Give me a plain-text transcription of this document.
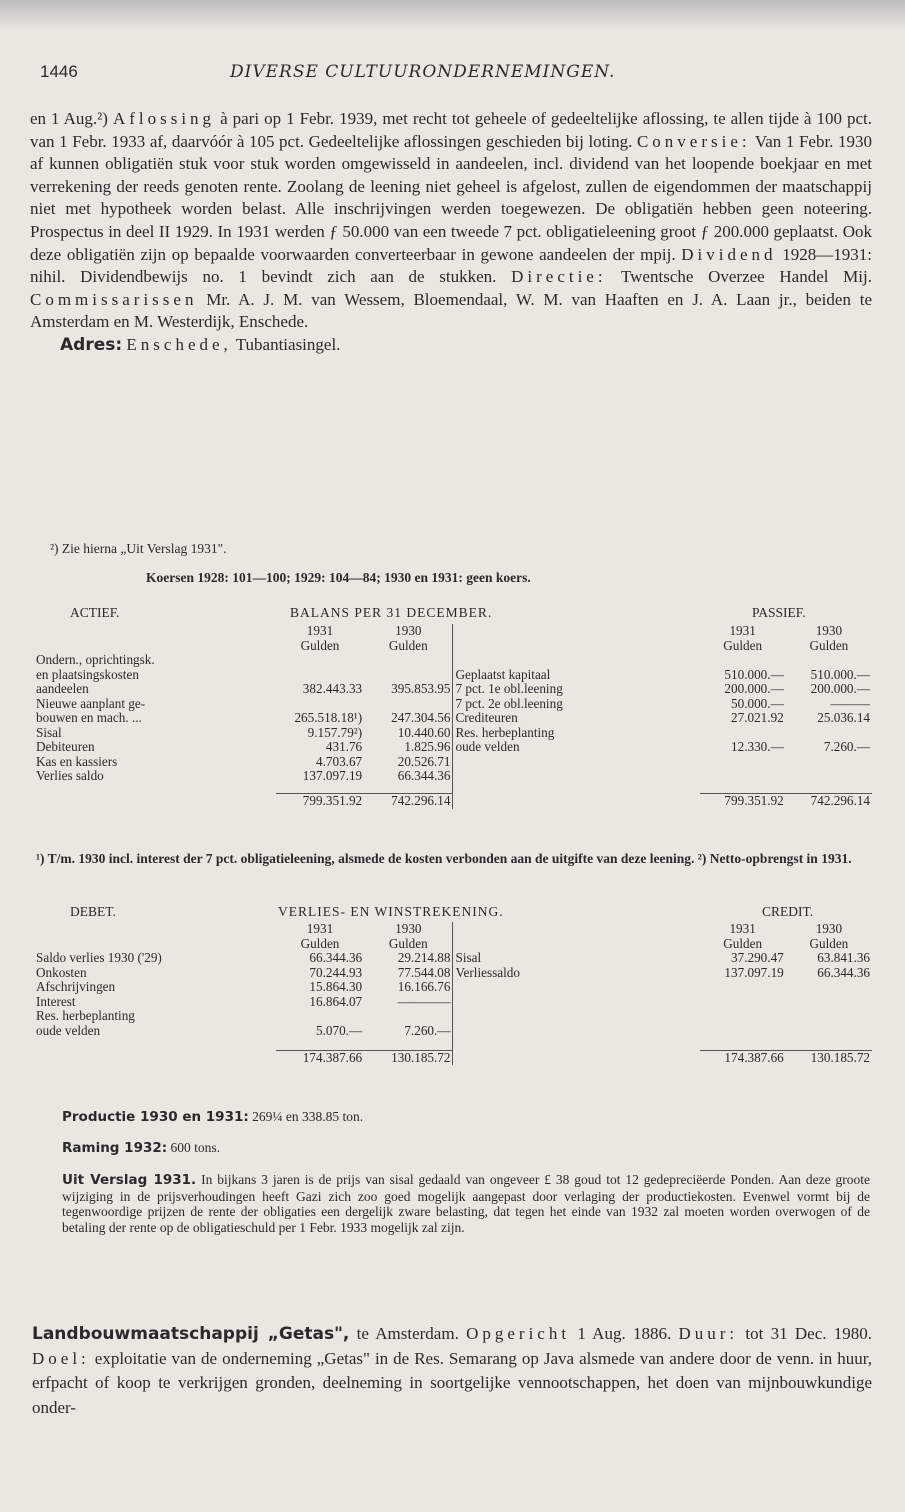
1446	DIVERSE CULTUURONDERNEMINGEN.

en 1 Aug.²) Aflossing à pari op 1 Febr. 1939, met recht tot geheele of gedeeltelijke aflossing, te allen tijde à 100 pct. van 1 Febr. 1933 af, daarvóór à 105 pct. Gedeeltelijke aflossingen geschieden bij loting. Conversie: Van 1 Febr. 1930 af kunnen obligatiën stuk voor stuk worden omgewisseld in aandeelen, incl. dividend van het loopende boekjaar en met verrekening der reeds genoten rente. Zoolang de leening niet geheel is afgelost, zullen de eigendommen der maatschappij niet met hypotheek worden belast. Alle inschrijvingen werden toegewezen. De obligatiën hebben geen noteering. Prospectus in deel II 1929. In 1931 werden ƒ 50.000 van een tweede 7 pct. obligatieleening groot ƒ 200.000 geplaatst. Ook deze obligatiën zijn op bepaalde voorwaarden converteerbaar in gewone aandeelen der mpij. Dividend 1928—1931: nihil. Dividendbewijs no. 1 bevindt zich aan de stukken. Directie: Twentsche Overzee Handel Mij. Commissarissen Mr. A. J. M. van Wessem, Bloemendaal, W. M. van Haaften en J. A. Laan jr., beiden te Amsterdam en M. Westerdijk, Enschede.
Adres: Enschede, Tubantiasingel.

²) Zie hierna „Uit Verslag 1931".
Koersen 1928: 101—100; 1929: 104—84; 1930 en 1931: geen koers.
ACTIEF.	BALANS PER 31 DECEMBER.	PASSIEF.
	1931	1930		1931	1930
	Gulden	Gulden		Gulden	Gulden
Ondern., oprichtingsk.					
en plaatsingskosten			Geplaatst kapitaal	510.000.—	510.000.—
aandeelen	382.443.33	395.853.95	7 pct. 1e obl.leening	200.000.—	200.000.—
Nieuwe aanplant ge-			7 pct. 2e obl.leening	50.000.—	———
bouwen en mach. ...	265.518.18¹)	247.304.56	Crediteuren	27.021.92	25.036.14
Sisal	9.157.79²)	10.440.60	Res. herbeplanting		
Debiteuren	431.76	1.825.96	oude velden	12.330.—	7.260.—
Kas en kassiers	4.703.67	20.526.71			
Verlies saldo	137.097.19	66.344.36			

	799.351.92	742.296.14		799.351.92	742.296.14
¹) T/m. 1930 incl. interest der 7 pct. obligatieleening, alsmede de kosten verbonden aan de uitgifte van deze leening. ²) Netto-opbrengst in 1931.
DEBET.	VERLIES- EN WINSTREKENING.	CREDIT.
	1931	1930		1931	1930
	Gulden	Gulden		Gulden	Gulden
Saldo verlies 1930 ('29)	66.344.36	29.214.88	Sisal	37.290.47	63.841.36
Onkosten	70.244.93	77.544.08	Verliessaldo	137.097.19	66.344.36
Afschrijvingen	15.864.30	16.166.76			
Interest	16.864.07	————			
Res. herbeplanting					
oude velden	5.070.—	7.260.—			

	174.387.66	130.185.72		174.387.66	130.185.72
Productie 1930 en 1931: 269¼ en 338.85 ton.
Raming 1932: 600 tons.

Uit Verslag 1931. In bijkans 3 jaren is de prijs van sisal gedaald van ongeveer £ 38 goud tot 12 gedepreciëerde Ponden. Aan deze groote wijziging in de prijsverhoudingen heeft Gazi zich zoo goed mogelijk aangepast door verlaging der productiekosten. Evenwel vormt bij de tegenwoordige prijzen de rente der obligaties een dergelijk zware belasting, dat tegen het einde van 1932 zal moeten worden overwogen of de betaling der rente op de obligatieschuld per 1 Febr. 1933 mogelijk zal zijn.

Landbouwmaatschappij „Getas", te Amsterdam. Opgericht 1 Aug. 1886. Duur: tot 31 Dec. 1980. Doel: exploitatie van de onderneming „Getas" in de Res. Semarang op Java alsmede van andere door de venn. in huur, erfpacht of koop te verkrijgen gronden, deelneming in soortgelijke vennootschappen, het doen van mijnbouwkundige onder-
